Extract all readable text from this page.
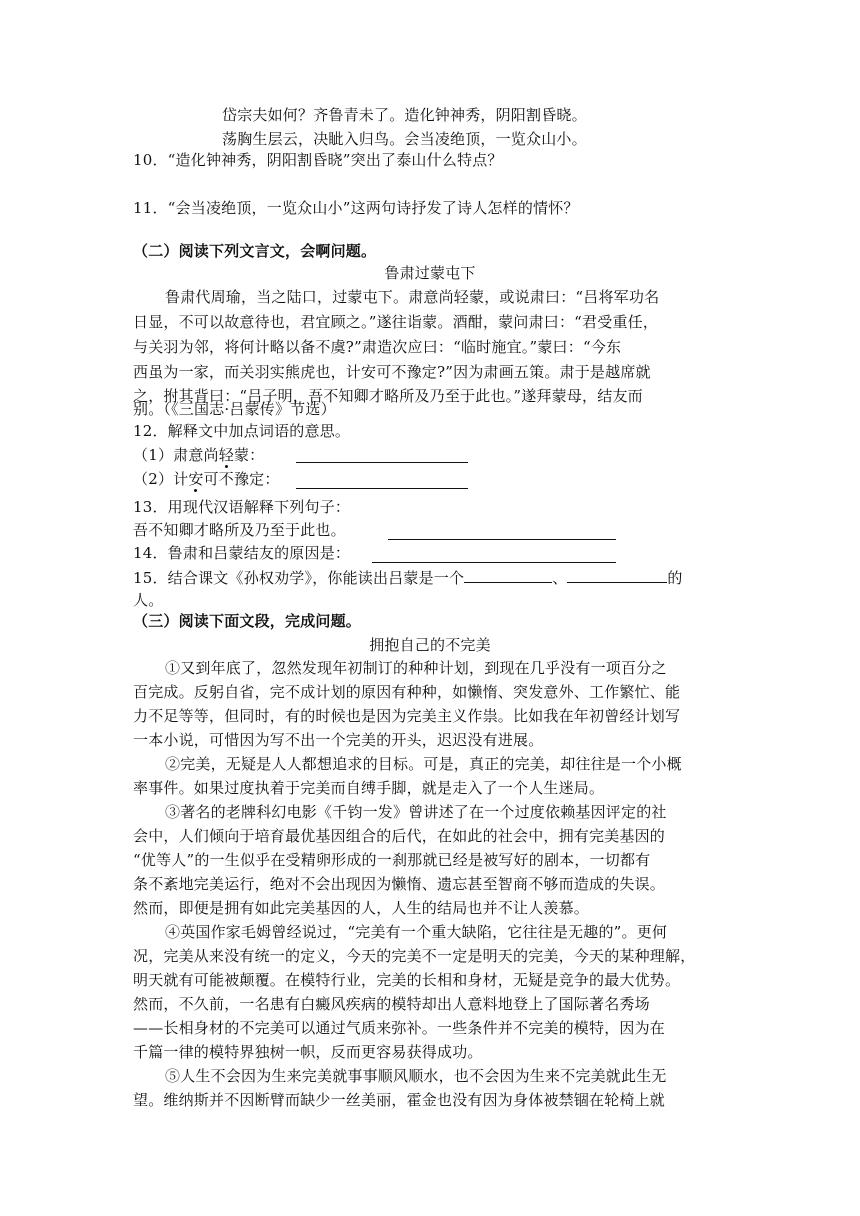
岱宗夫如何？齐鲁青未了。造化钟神秀，阴阳割昏晓。
荡胸生层云，决眦入归鸟。会当凌绝顶，一览众山小。
10．“造化钟神秀，阴阳割昏晓”突出了泰山什么特点？
11．“会当凌绝顶，一览众山小”这两句诗抒发了诗人怎样的情怀？
（二）阅读下列文言文，会啊问题。
鲁肃过蒙屯下
鲁肃代周瑜，当之陆口，过蒙屯下。肃意尚轻蒙，或说肃曰：“吕将军功名
日显，不可以故意待也，君宜顾之。”遂往诣蒙。酒酣，蒙问肃曰：“君受重任，
与关羽为邻，将何计略以备不虞?”肃造次应曰：“临时施宜。”蒙曰：“今东
西虽为一家，而关羽实熊虎也，计安可不豫定?”因为肃画五策。肃于是越席就
之，拊其背曰：“吕子明，吾不知卿才略所及乃至于此也。”遂拜蒙母，结友而
别。（《三国志·吕蒙传》节选）
12．解释文中加点词语的意思。
（1）肃意尚轻蒙：
（2）计安可不豫定：
13．用现代汉语解释下列句子：
吾不知卿才略所及乃至于此也。
14．鲁肃和吕蒙结友的原因是：
15．结合课文《孙权劝学》，你能读出吕蒙是一个	、	的
人。
（三）阅读下面文段，完成问题。
拥抱自己的不完美
①又到年底了，忽然发现年初制订的种种计划，到现在几乎没有一项百分之
百完成。反躬自省，完不成计划的原因有种种，如懒惰、突发意外、工作繁忙、能
力不足等等，但同时，有的时候也是因为完美主义作祟。比如我在年初曾经计划写
一本小说，可惜因为写不出一个完美的开头，迟迟没有进展。
②完美，无疑是人人都想追求的目标。可是，真正的完美，却往往是一个小概
率事件。如果过度执着于完美而自缚手脚，就是走入了一个人生迷局。
③著名的老牌科幻电影《千钧一发》曾讲述了在一个过度依赖基因评定的社
会中，人们倾向于培育最优基因组合的后代，在如此的社会中，拥有完美基因的
“优等人”的一生似乎在受精卵形成的一刹那就已经是被写好的剧本，一切都有
条不紊地完美运行，绝对不会出现因为懒惰、遗忘甚至智商不够而造成的失误。
然而，即便是拥有如此完美基因的人，人生的结局也并不让人羡慕。
④英国作家毛姆曾经说过，“完美有一个重大缺陷，它往往是无趣的”。更何
况，完美从来没有统一的定义，今天的完美不一定是明天的完美，今天的某种理解，
明天就有可能被颠覆。在模特行业，完美的长相和身材，无疑是竞争的最大优势。
然而，不久前，一名患有白癜风疾病的模特却出人意料地登上了国际著名秀场
——长相身材的不完美可以通过气质来弥补。一些条件并不完美的模特，因为在
千篇一律的模特界独树一帜，反而更容易获得成功。
⑤人生不会因为生来完美就事事顺风顺水，也不会因为生来不完美就此生无
望。维纳斯并不因断臂而缺少一丝美丽，霍金也没有因为身体被禁锢在轮椅上就
